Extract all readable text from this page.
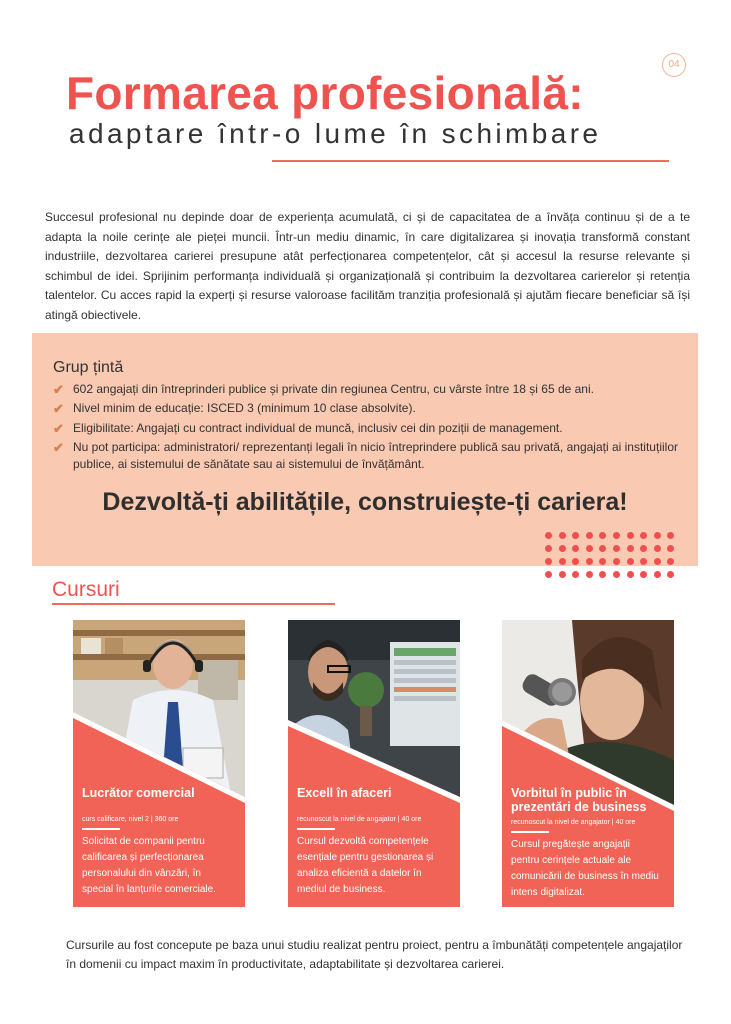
04
Formarea profesională:
adaptare într-o lume în schimbare

Succesul profesional nu depinde doar de experiența acumulată, ci și de capacitatea de a învăța continuu și de a te adapta la noile cerințe ale pieței muncii. Într-un mediu dinamic, în care digitalizarea și inovația transformă constant industriile, dezvoltarea carierei presupune atât perfecționarea competențelor, cât și accesul la resurse relevante și schimbul de idei. Sprijinim performanța individuală și organizațională și contribuim la dezvoltarea carierelor și retenția talentelor. Cu acces rapid la experți și resurse valoroase facilităm tranziția profesională și ajutăm fiecare beneficiar să își atingă obiectivele.

Grup țintă
✔ 602 angajați din întreprinderi publice și private din regiunea Centru, cu vârste între 18 și 65 de ani.
✔ Nivel minim de educație: ISCED 3 (minimum 10 clase absolvite).
✔ Eligibilitate: Angajați cu contract individual de muncă, inclusiv cei din poziții de management.
✔ Nu pot participa: administratori/ reprezentanți legali în nicio întreprindere publică sau privată, angajați ai instituțiilor publice, ai sistemului de sănătate sau ai sistemului de învățământ.
Dezvoltă-ți abilitățile, construiește-ți cariera!
Cursuri
Lucrător comercial
curs calificare, nivel 2 | 360 ore
Solicitat de companii pentru calificarea și perfecționarea personalului din vânzări, în special în lanțurile comerciale.
Excell în afaceri
recunoscut la nivel de angajator | 40 ore
Cursul dezvoltă competențele esențiale pentru gestionarea și analiza eficientă a datelor în mediul de business.
Vorbitul în public în prezentări de business
recunoscut la nivel de angajator | 40 ore
Cursul pregătește angajații pentru cerințele actuale ale comunicării de business în mediu intens digitalizat.

Cursurile au fost concepute pe baza unui studiu realizat pentru proiect, pentru a îmbunătăți competențele angajaților în domenii cu impact maxim în productivitate, adaptabilitate și dezvoltarea carierei.
